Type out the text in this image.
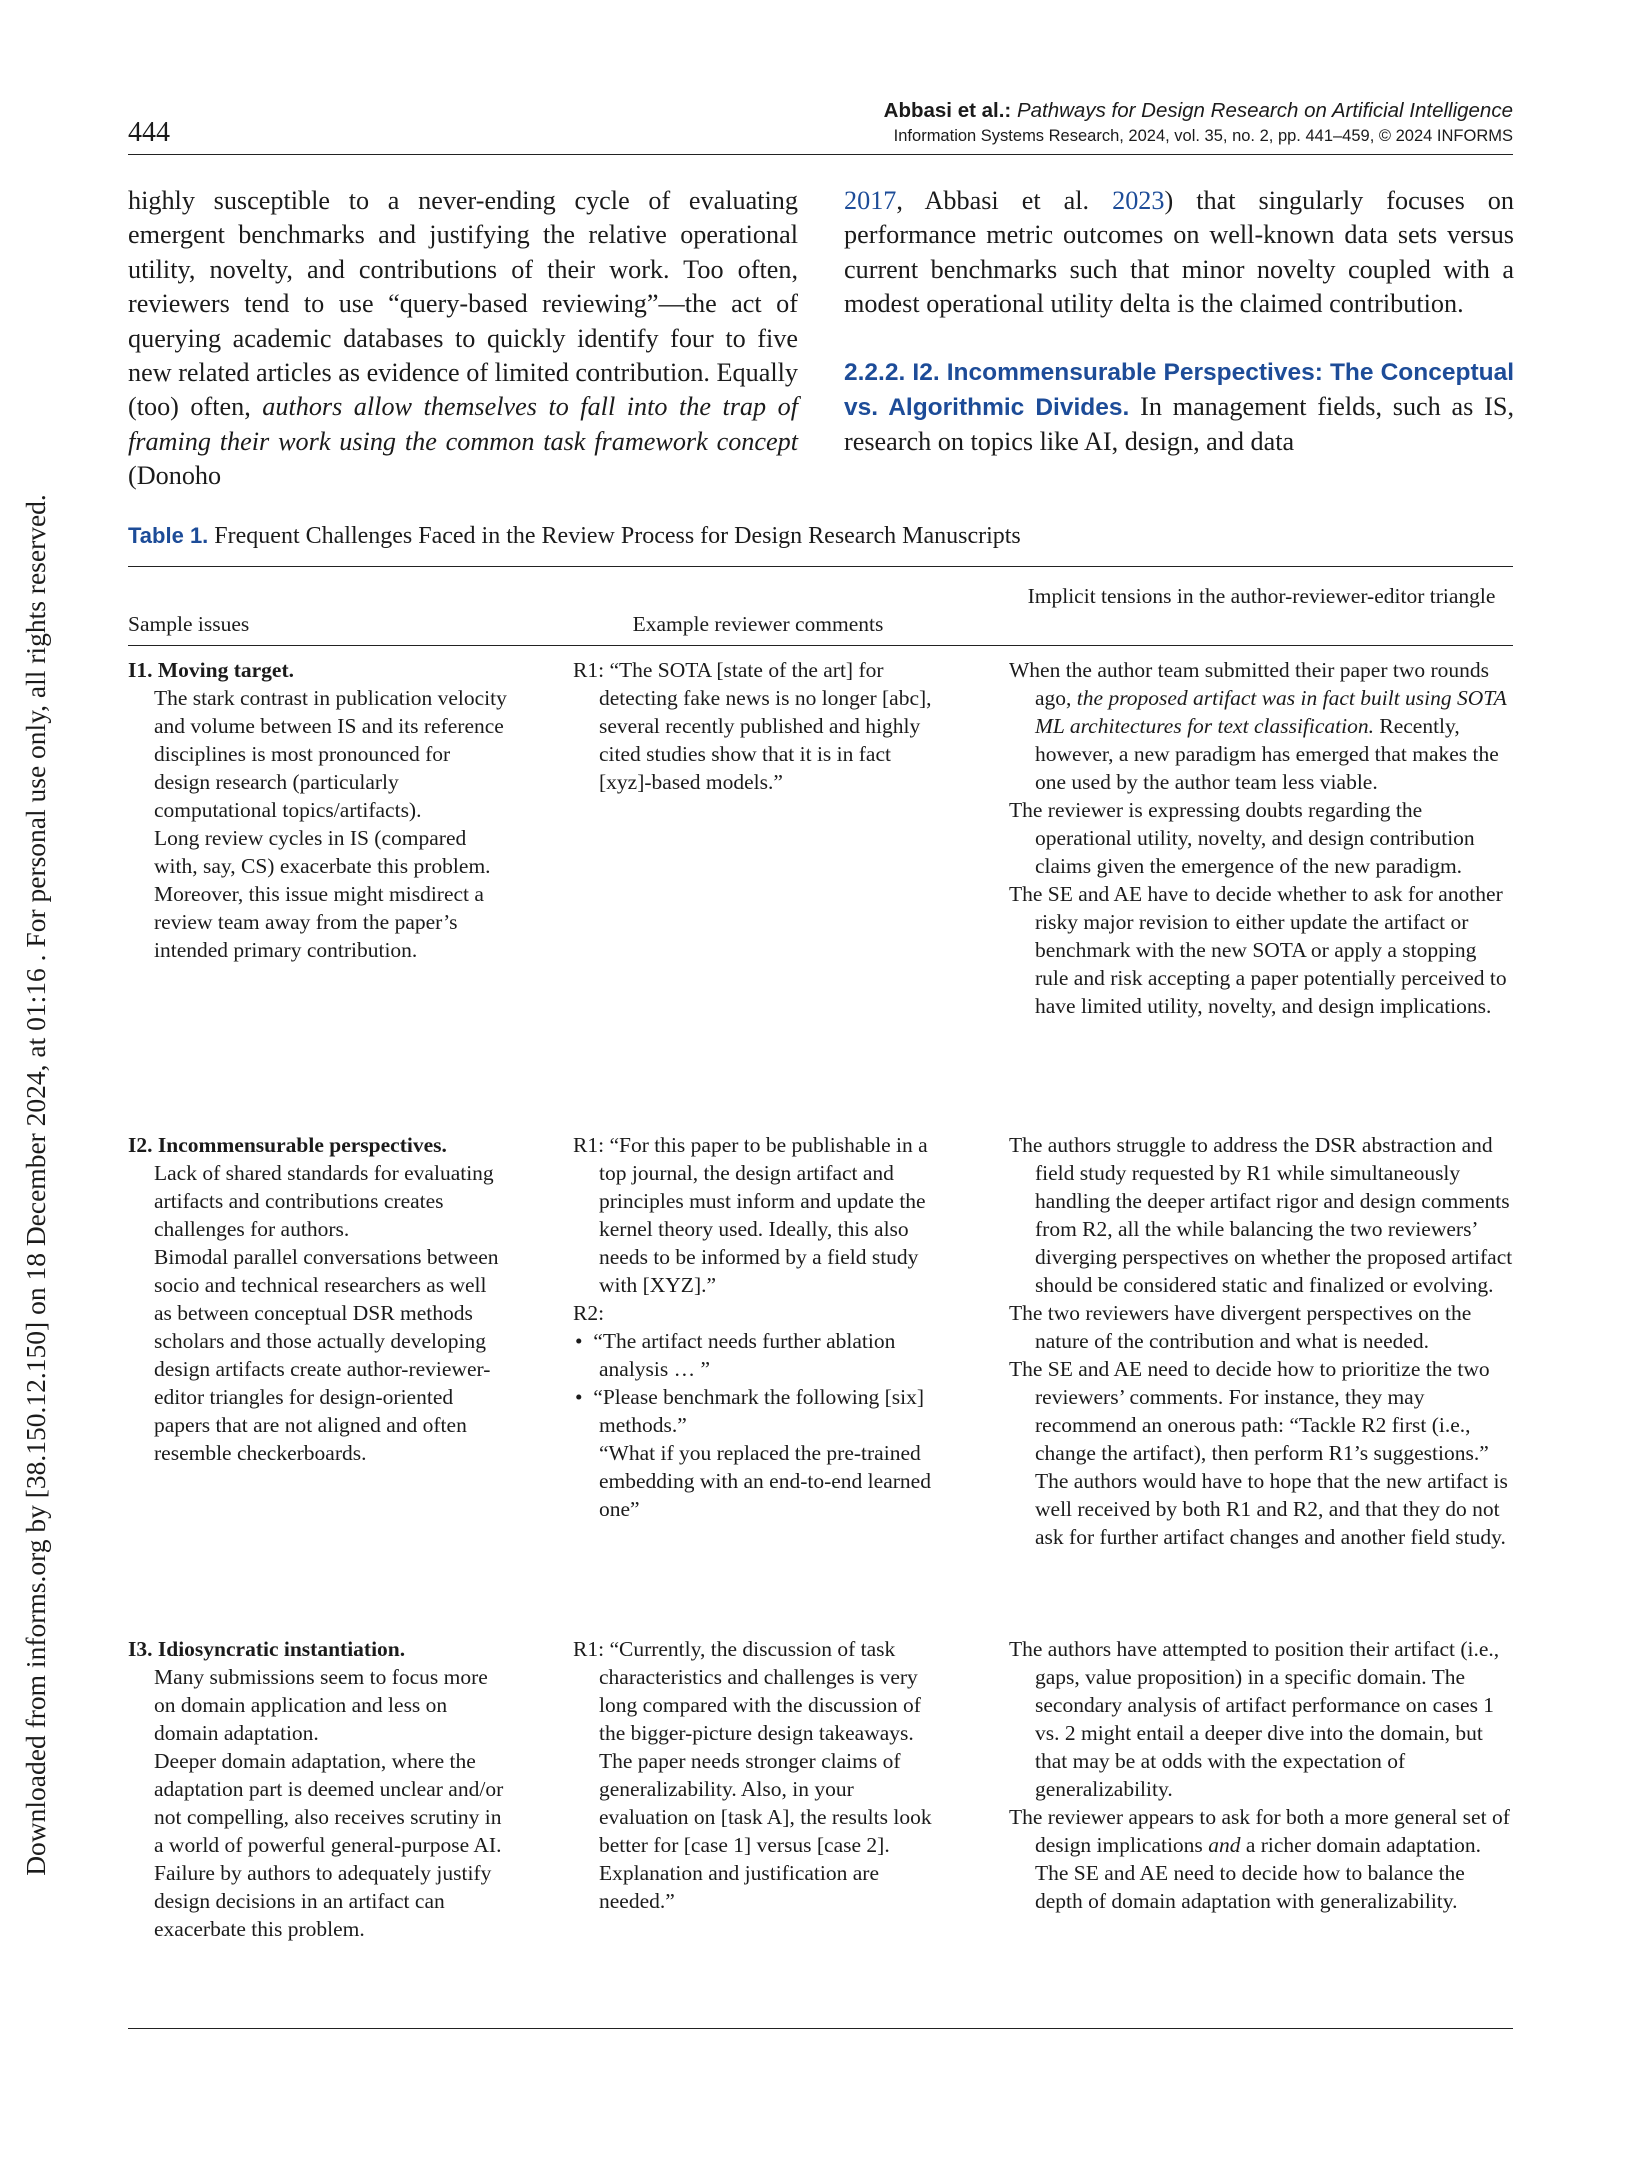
Downloaded from informs.org by [38.150.12.150] on 18 December 2024, at 01:16 . For personal use only, all rights reserved.
444
Abbasi et al.: Pathways for Design Research on Artificial Intelligence
Information Systems Research, 2024, vol. 35, no. 2, pp. 441–459, © 2024 INFORMS

highly susceptible to a never-ending cycle of evaluating emergent benchmarks and justifying the relative operational utility, novelty, and contributions of their work. Too often, reviewers tend to use “query-based reviewing”—the act of querying academic databases to quickly identify four to five new related articles as evidence of limited contribution. Equally (too) often, authors allow themselves to fall into the trap of framing their work using the common task framework concept (Donoho

2017, Abbasi et al. 2023) that singularly focuses on performance metric outcomes on well-known data sets versus current benchmarks such that minor novelty coupled with a modest operational utility delta is the claimed contribution.

2.2.2. I2. Incommensurable Perspectives: The Conceptual vs. Algorithmic Divides. In management fields, such as IS, research on topics like AI, design, and data

Table 1. Frequent Challenges Faced in the Review Process for Design Research Manuscripts
Sample issues	Example reviewer comments
Implicit tensions in the author-reviewer-editor triangle

I1. Moving target.

The stark contrast in publication velocity and volume between IS and its reference disciplines is most pronounced for design research (particularly computational topics/artifacts).

Long review cycles in IS (compared with, say, CS) exacerbate this problem.

Moreover, this issue might misdirect a review team away from the paper’s intended primary contribution.

R1: “The SOTA [state of the art] for detecting fake news is no longer [abc], several recently published and highly cited studies show that it is in fact [xyz]-based models.”

When the author team submitted their paper two rounds ago, the proposed artifact was in fact built using SOTA ML architectures for text classification. Recently, however, a new paradigm has emerged that makes the one used by the author team less viable.

The reviewer is expressing doubts regarding the operational utility, novelty, and design contribution claims given the emergence of the new paradigm.

The SE and AE have to decide whether to ask for another risky major revision to either update the artifact or benchmark with the new SOTA or apply a stopping rule and risk accepting a paper potentially perceived to have limited utility, novelty, and design implications.

I2. Incommensurable perspectives.

Lack of shared standards for evaluating artifacts and contributions creates challenges for authors.

Bimodal parallel conversations between socio and technical researchers as well as between conceptual DSR methods scholars and those actually developing design artifacts create author-reviewer-editor triangles for design-oriented papers that are not aligned and often resemble checkerboards.

R1: “For this paper to be publishable in a top journal, the design artifact and principles must inform and update the kernel theory used. Ideally, this also needs to be informed by a field study with [XYZ].”

R2:

•  “The artifact needs further ablation analysis … ”

•  “Please benchmark the following [six] methods.”

“What if you replaced the pre-trained embedding with an end-to-end learned one”

The authors struggle to address the DSR abstraction and field study requested by R1 while simultaneously handling the deeper artifact rigor and design comments from R2, all the while balancing the two reviewers’ diverging perspectives on whether the proposed artifact should be considered static and finalized or evolving.

The two reviewers have divergent perspectives on the nature of the contribution and what is needed.

The SE and AE need to decide how to prioritize the two reviewers’ comments. For instance, they may recommend an onerous path: “Tackle R2 first (i.e., change the artifact), then perform R1’s suggestions.” The authors would have to hope that the new artifact is well received by both R1 and R2, and that they do not ask for further artifact changes and another field study.

I3. Idiosyncratic instantiation.

Many submissions seem to focus more on domain application and less on domain adaptation.

Deeper domain adaptation, where the adaptation part is deemed unclear and/or not compelling, also receives scrutiny in a world of powerful general-purpose AI.

Failure by authors to adequately justify design decisions in an artifact can exacerbate this problem.

R1: “Currently, the discussion of task characteristics and challenges is very long compared with the discussion of the bigger-picture design takeaways. The paper needs stronger claims of generalizability. Also, in your evaluation on [task A], the results look better for [case 1] versus [case 2]. Explanation and justification are needed.”

The authors have attempted to position their artifact (i.e., gaps, value proposition) in a specific domain. The secondary analysis of artifact performance on cases 1 vs. 2 might entail a deeper dive into the domain, but that may be at odds with the expectation of generalizability.

The reviewer appears to ask for both a more general set of design implications and a richer domain adaptation. The SE and AE need to decide how to balance the depth of domain adaptation with generalizability.
